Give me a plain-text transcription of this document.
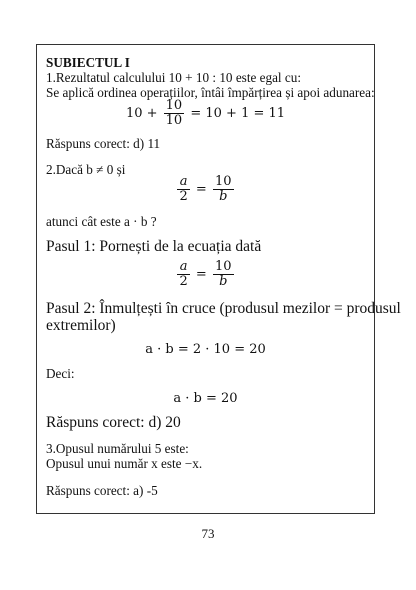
SUBIECTUL I
1.Rezultatul calculului 10 + 10 : 10 este egal cu:
Se aplică ordinea operațiilor, întâi împărțirea și apoi adunarea:
$10 + \frac{10}{10} = 10 + 1 = 11$
Răspuns corect: d) 11
2.Dacă b ≠ 0 și
$\frac{a}{2} = \frac{10}{b}$
atunci cât este a · b ?
Pasul 1: Pornești de la ecuația dată
$\frac{a}{2} = \frac{10}{b}$
Pasul 2: Înmulțești în cruce (produsul mezilor = produsul
extremilor)
a · b = 2 · 10 = 20
Deci:
a · b = 20
Răspuns corect: d) 20
3.Opusul numărului 5 este:
Opusul unui număr x este −x.
Răspuns corect: a) -5
73
